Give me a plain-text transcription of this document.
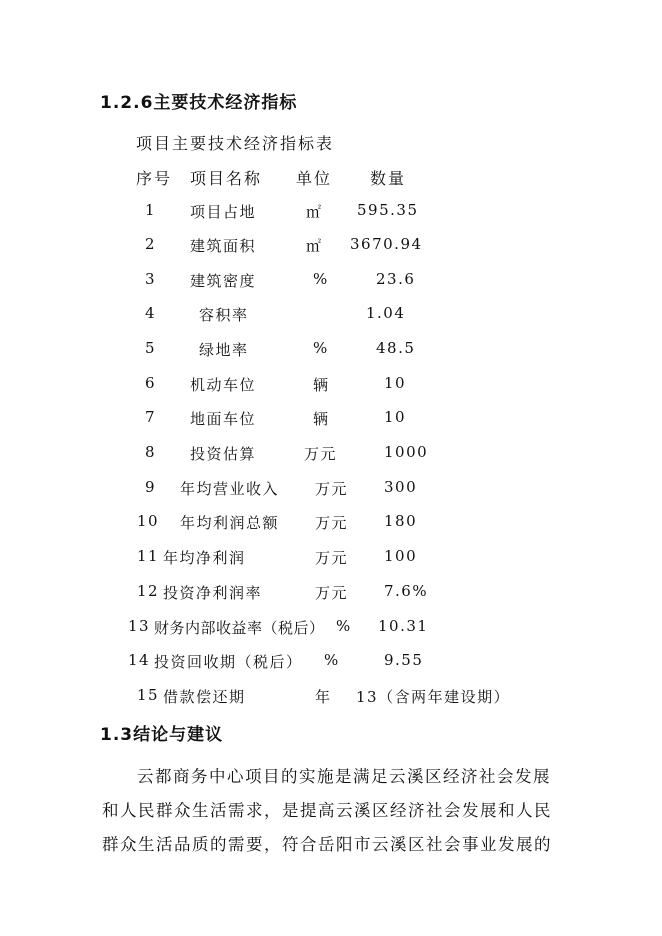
1.2.6主要技术经济指标
项目主要技术经济指标表
序号 项目名称 单位 数量
1 项目占地	㎡ 595.35
2 建筑面积	㎡ 3670.94
3 建筑密度	%	23.6
4	容积率	1.04
5	绿地率	%	48.5
6 机动车位	辆	10
7 地面车位	辆	10
8 投资估算	万元	1000
9 年均营业收入 万元 300
10 年均利润总额 万元 180
11 年均净利润	万元 100
12 投资净利润率	万元 7.6%
13 财务内部收益率（税后） % 10.31
14 投资回收期（税后） %	9.55
15 借款偿还期	年 13（含两年建设期）
1.3结论与建议
云都商务中心项目的实施是满足云溪区经济社会发展
和人民群众生活需求，是提高云溪区经济社会发展和人民
群众生活品质的需要，符合岳阳市云溪区社会事业发展的
